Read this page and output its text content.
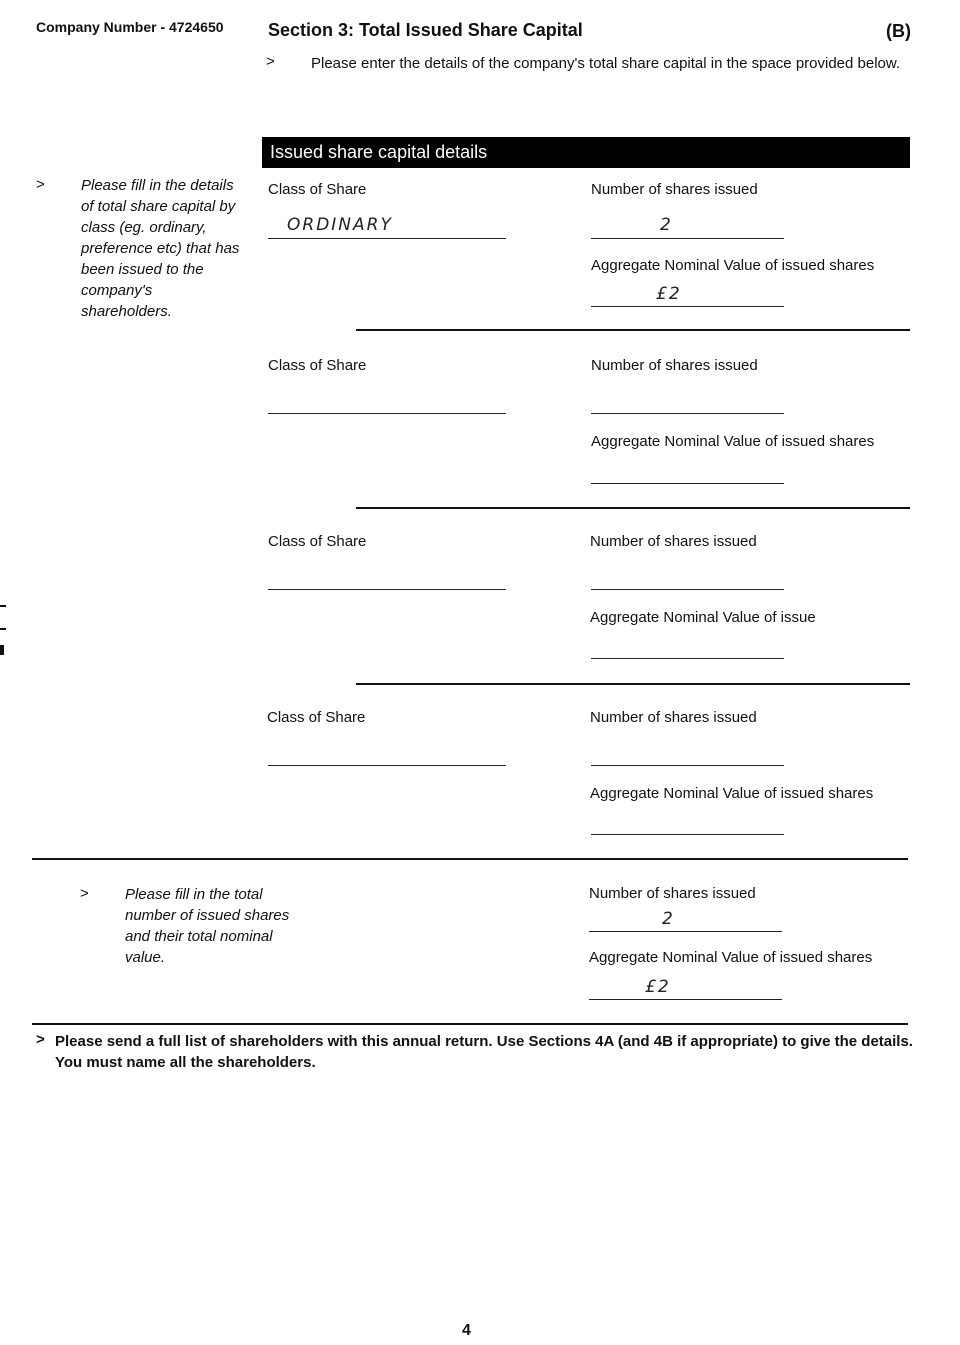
Company Number - 4724650 Section 3: Total Issued Share Capital	(B)
> Please enter the details of the company's total share capital in the space provided below.
Issued share capital details
> Please fill in the details of total share capital by class (eg. ordinary, preference etc) that has been issued to the company's shareholders.
Class of Share
ORDINARY
Number of shares issued
2
Aggregate Nominal Value of issued shares
£2
Class of Share	Number of shares issued
Aggregate Nominal Value of issued shares
Class of Share	Number of shares issued
Aggregate Nominal Value of issue
Class of Share	Number of shares issued
Aggregate Nominal Value of issued shares
> Please fill in the total number of issued shares and their total nominal value.
Number of shares issued
2
Aggregate Nominal Value of issued shares
£2
> Please send a full list of shareholders with this annual return. Use Sections 4A (and 4B if appropriate) to give the details. You must name all the shareholders.
4
